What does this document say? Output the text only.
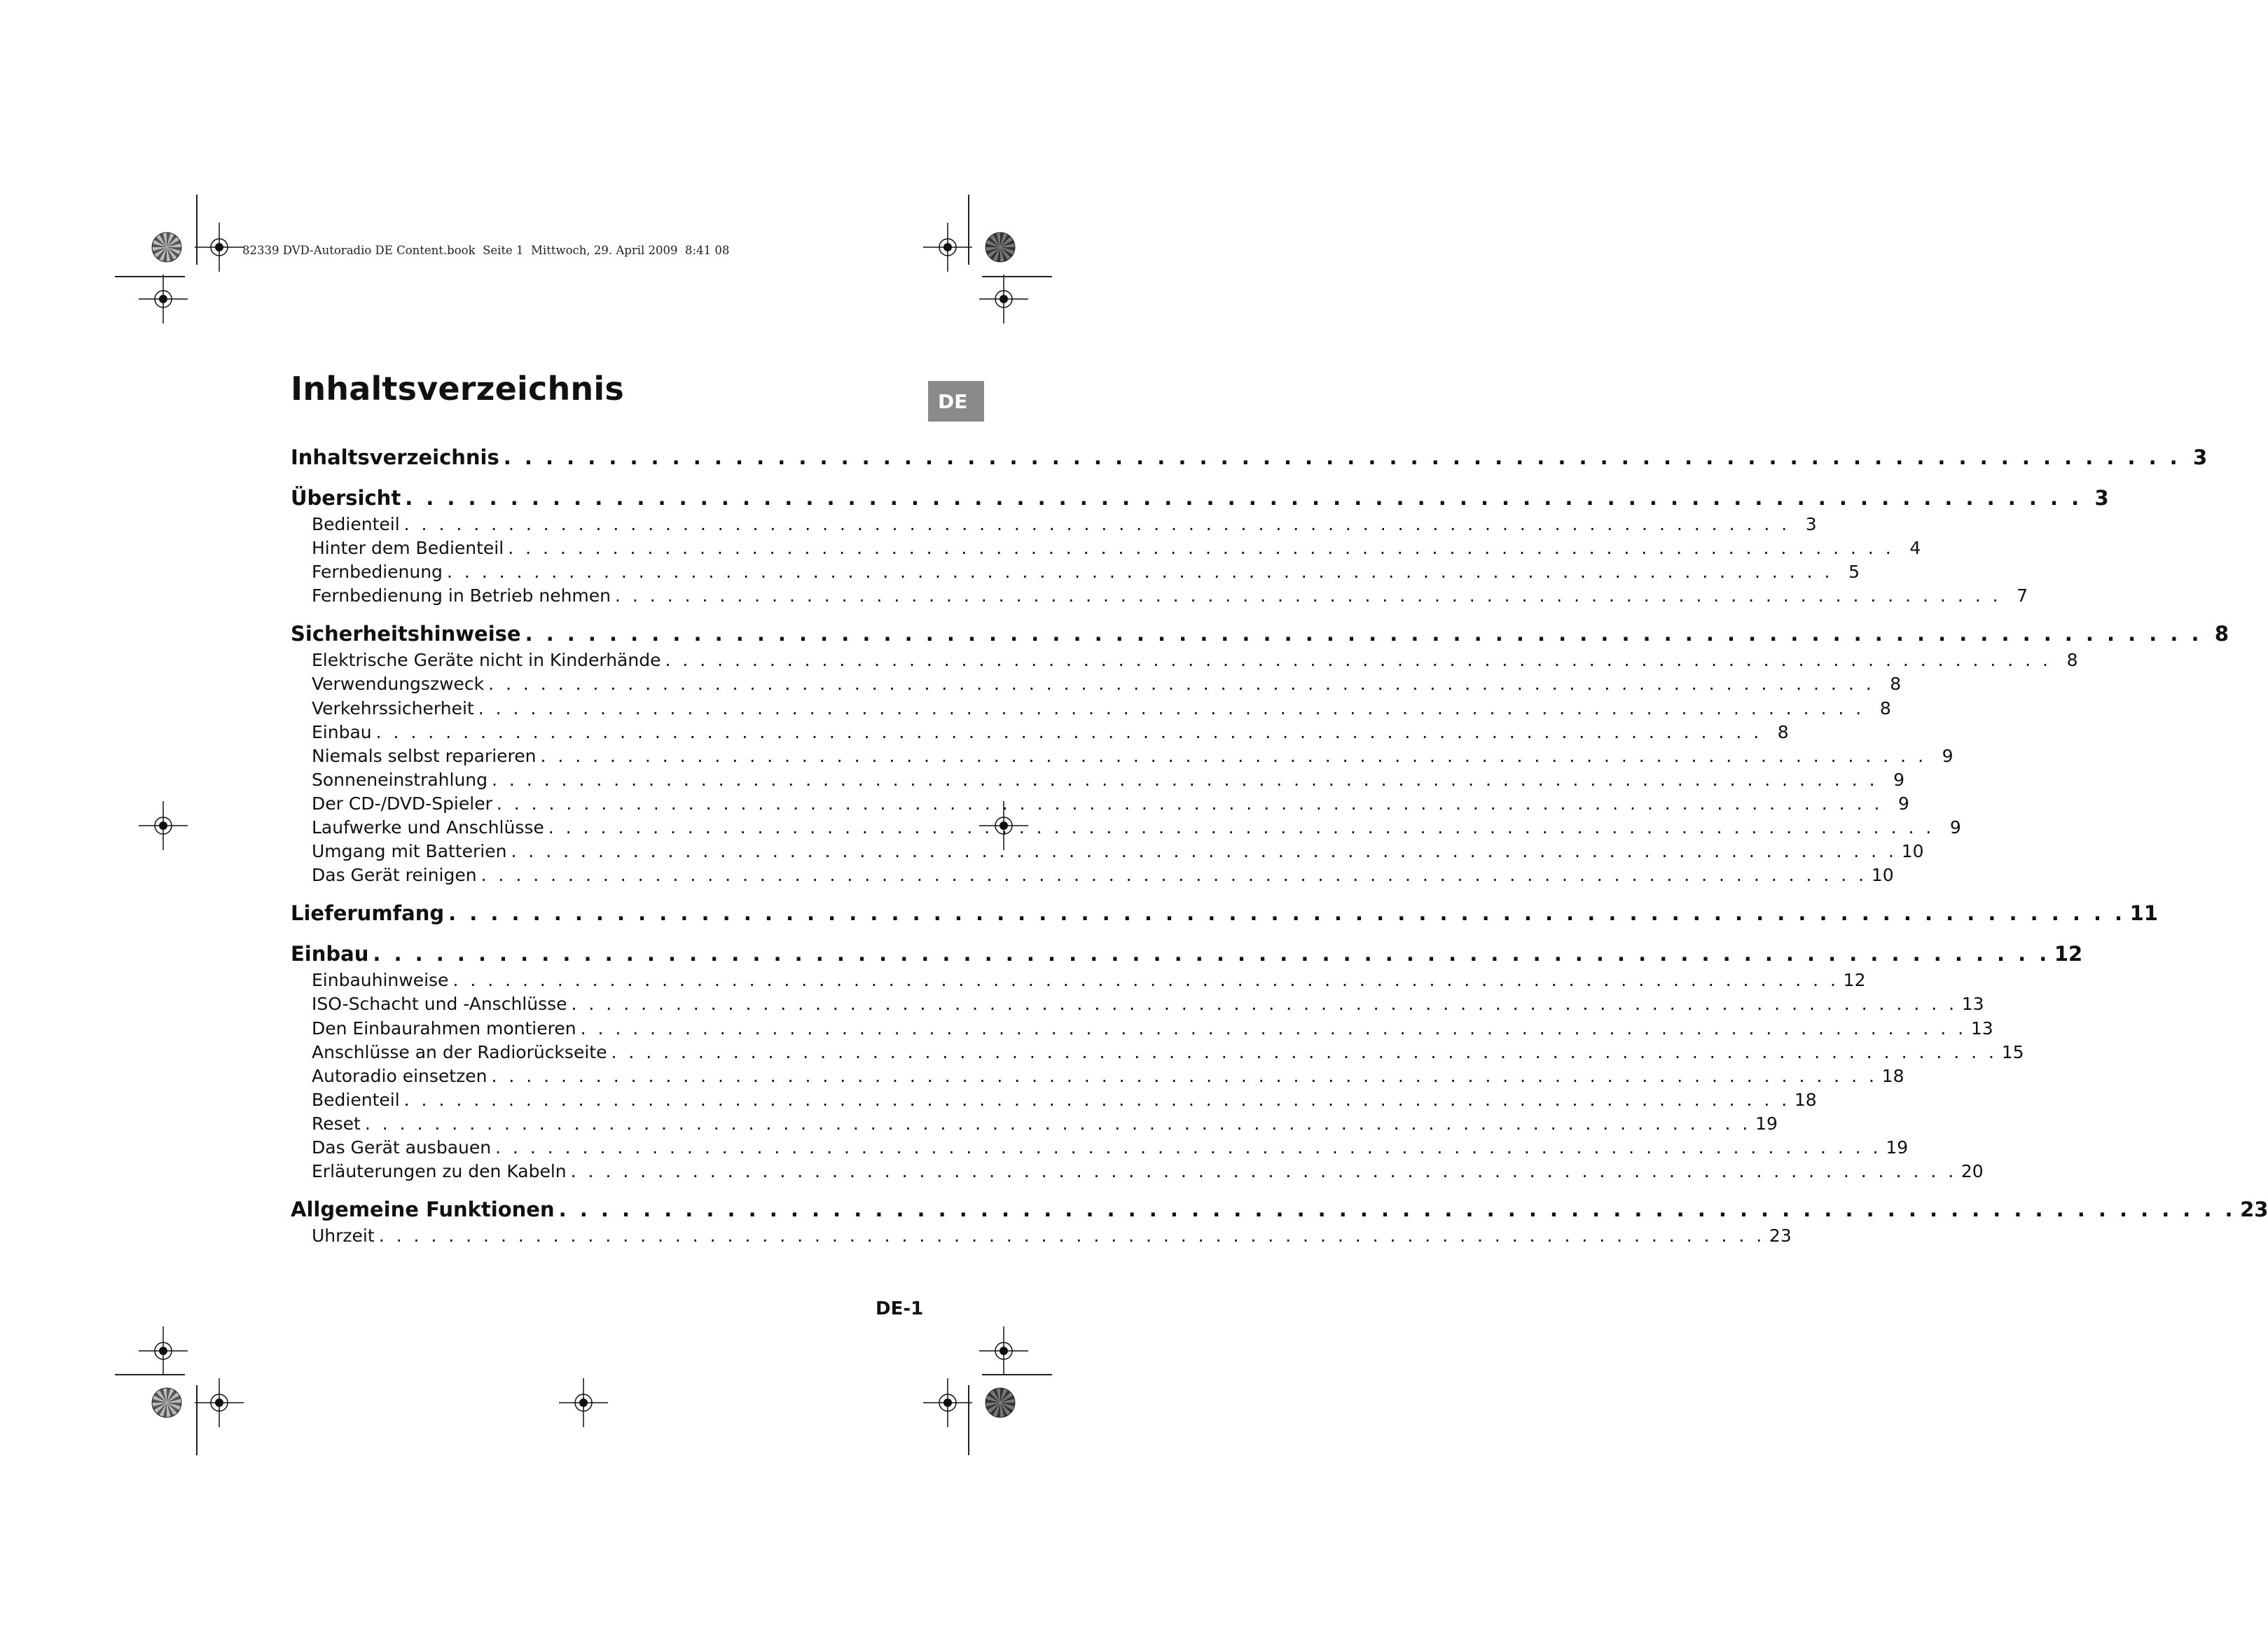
82339 DVD-Autoradio DE Content.book  Seite 1  Mittwoch, 29. April 2009  8:41 08
Inhaltsverzeichnis	DE
Inhaltsverzeichnis . . . . . . . . . . . . . . . . . . . . . . . . . . . . . . . . . . . . . . . . . . . . . . . . . . . . . . . . . . . . . . . . . . . . . . . . . . . . . . . . 3
Übersicht . . . . . . . . . . . . . . . . . . . . . . . . . . . . . . . . . . . . . . . . . . . . . . . . . . . . . . . . . . . . . . . . . . . . . . . . . . . . . . . . 3
Bedienteil . . . . . . . . . . . . . . . . . . . . . . . . . . . . . . . . . . . . . . . . . . . . . . . . . . . . . . . . . . . . . . . . . . . . . . . . . . . . . . . . 3
Hinter dem Bedienteil . . . . . . . . . . . . . . . . . . . . . . . . . . . . . . . . . . . . . . . . . . . . . . . . . . . . . . . . . . . . . . . . . . . . . . . . . . . . . . . . 4
Fernbedienung . . . . . . . . . . . . . . . . . . . . . . . . . . . . . . . . . . . . . . . . . . . . . . . . . . . . . . . . . . . . . . . . . . . . . . . . . . . . . . . . 5
Fernbedienung in Betrieb nehmen . . . . . . . . . . . . . . . . . . . . . . . . . . . . . . . . . . . . . . . . . . . . . . . . . . . . . . . . . . . . . . . . . . . . . . . . . . . . . . . . 7
Sicherheitshinweise . . . . . . . . . . . . . . . . . . . . . . . . . . . . . . . . . . . . . . . . . . . . . . . . . . . . . . . . . . . . . . . . . . . . . . . . . . . . . . . . 8
Elektrische Geräte nicht in Kinderhände . . . . . . . . . . . . . . . . . . . . . . . . . . . . . . . . . . . . . . . . . . . . . . . . . . . . . . . . . . . . . . . . . . . . . . . . . . . . . . . . 8
Verwendungszweck . . . . . . . . . . . . . . . . . . . . . . . . . . . . . . . . . . . . . . . . . . . . . . . . . . . . . . . . . . . . . . . . . . . . . . . . . . . . . . . . 8
Verkehrssicherheit . . . . . . . . . . . . . . . . . . . . . . . . . . . . . . . . . . . . . . . . . . . . . . . . . . . . . . . . . . . . . . . . . . . . . . . . . . . . . . . . 8
Einbau . . . . . . . . . . . . . . . . . . . . . . . . . . . . . . . . . . . . . . . . . . . . . . . . . . . . . . . . . . . . . . . . . . . . . . . . . . . . . . . . 8
Niemals selbst reparieren . . . . . . . . . . . . . . . . . . . . . . . . . . . . . . . . . . . . . . . . . . . . . . . . . . . . . . . . . . . . . . . . . . . . . . . . . . . . . . . . 9
Sonneneinstrahlung . . . . . . . . . . . . . . . . . . . . . . . . . . . . . . . . . . . . . . . . . . . . . . . . . . . . . . . . . . . . . . . . . . . . . . . . . . . . . . . . 9
Der CD-/DVD-Spieler . . . . . . . . . . . . . . . . . . . . . . . . . . . . . . . . . . . . . . . . . . . . . . . . . . . . . . . . . . . . . . . . . . . . . . . . . . . . . . . . 9
Laufwerke und Anschlüsse . . . . . . . . . . . . . . . . . . . . . . . . . . . . . . . . . . . . . . . . . . . . . . . . . . . . . . . . . . . . . . . . . . . . . . . . . . . . . . . . 9
Umgang mit Batterien . . . . . . . . . . . . . . . . . . . . . . . . . . . . . . . . . . . . . . . . . . . . . . . . . . . . . . . . . . . . . . . . . . . . . . . . . . . . . . . . 10
Das Gerät reinigen . . . . . . . . . . . . . . . . . . . . . . . . . . . . . . . . . . . . . . . . . . . . . . . . . . . . . . . . . . . . . . . . . . . . . . . . . . . . . . . . 10
Lieferumfang . . . . . . . . . . . . . . . . . . . . . . . . . . . . . . . . . . . . . . . . . . . . . . . . . . . . . . . . . . . . . . . . . . . . . . . . . . . . . . . . 11
Einbau . . . . . . . . . . . . . . . . . . . . . . . . . . . . . . . . . . . . . . . . . . . . . . . . . . . . . . . . . . . . . . . . . . . . . . . . . . . . . . . . 12
Einbauhinweise . . . . . . . . . . . . . . . . . . . . . . . . . . . . . . . . . . . . . . . . . . . . . . . . . . . . . . . . . . . . . . . . . . . . . . . . . . . . . . . . 12
ISO-Schacht und -Anschlüsse . . . . . . . . . . . . . . . . . . . . . . . . . . . . . . . . . . . . . . . . . . . . . . . . . . . . . . . . . . . . . . . . . . . . . . . . . . . . . . . . 13
Den Einbaurahmen montieren . . . . . . . . . . . . . . . . . . . . . . . . . . . . . . . . . . . . . . . . . . . . . . . . . . . . . . . . . . . . . . . . . . . . . . . . . . . . . . . . 13
Anschlüsse an der Radiorückseite . . . . . . . . . . . . . . . . . . . . . . . . . . . . . . . . . . . . . . . . . . . . . . . . . . . . . . . . . . . . . . . . . . . . . . . . . . . . . . . . 15
Autoradio einsetzen . . . . . . . . . . . . . . . . . . . . . . . . . . . . . . . . . . . . . . . . . . . . . . . . . . . . . . . . . . . . . . . . . . . . . . . . . . . . . . . . 18
Bedienteil . . . . . . . . . . . . . . . . . . . . . . . . . . . . . . . . . . . . . . . . . . . . . . . . . . . . . . . . . . . . . . . . . . . . . . . . . . . . . . . . 18
Reset . . . . . . . . . . . . . . . . . . . . . . . . . . . . . . . . . . . . . . . . . . . . . . . . . . . . . . . . . . . . . . . . . . . . . . . . . . . . . . . . 19
Das Gerät ausbauen . . . . . . . . . . . . . . . . . . . . . . . . . . . . . . . . . . . . . . . . . . . . . . . . . . . . . . . . . . . . . . . . . . . . . . . . . . . . . . . . 19
Erläuterungen zu den Kabeln . . . . . . . . . . . . . . . . . . . . . . . . . . . . . . . . . . . . . . . . . . . . . . . . . . . . . . . . . . . . . . . . . . . . . . . . . . . . . . . . 20
Allgemeine Funktionen . . . . . . . . . . . . . . . . . . . . . . . . . . . . . . . . . . . . . . . . . . . . . . . . . . . . . . . . . . . . . . . . . . . . . . . . . . . . . . . . 23
Uhrzeit . . . . . . . . . . . . . . . . . . . . . . . . . . . . . . . . . . . . . . . . . . . . . . . . . . . . . . . . . . . . . . . . . . . . . . . . . . . . . . . . 23
DE-1
